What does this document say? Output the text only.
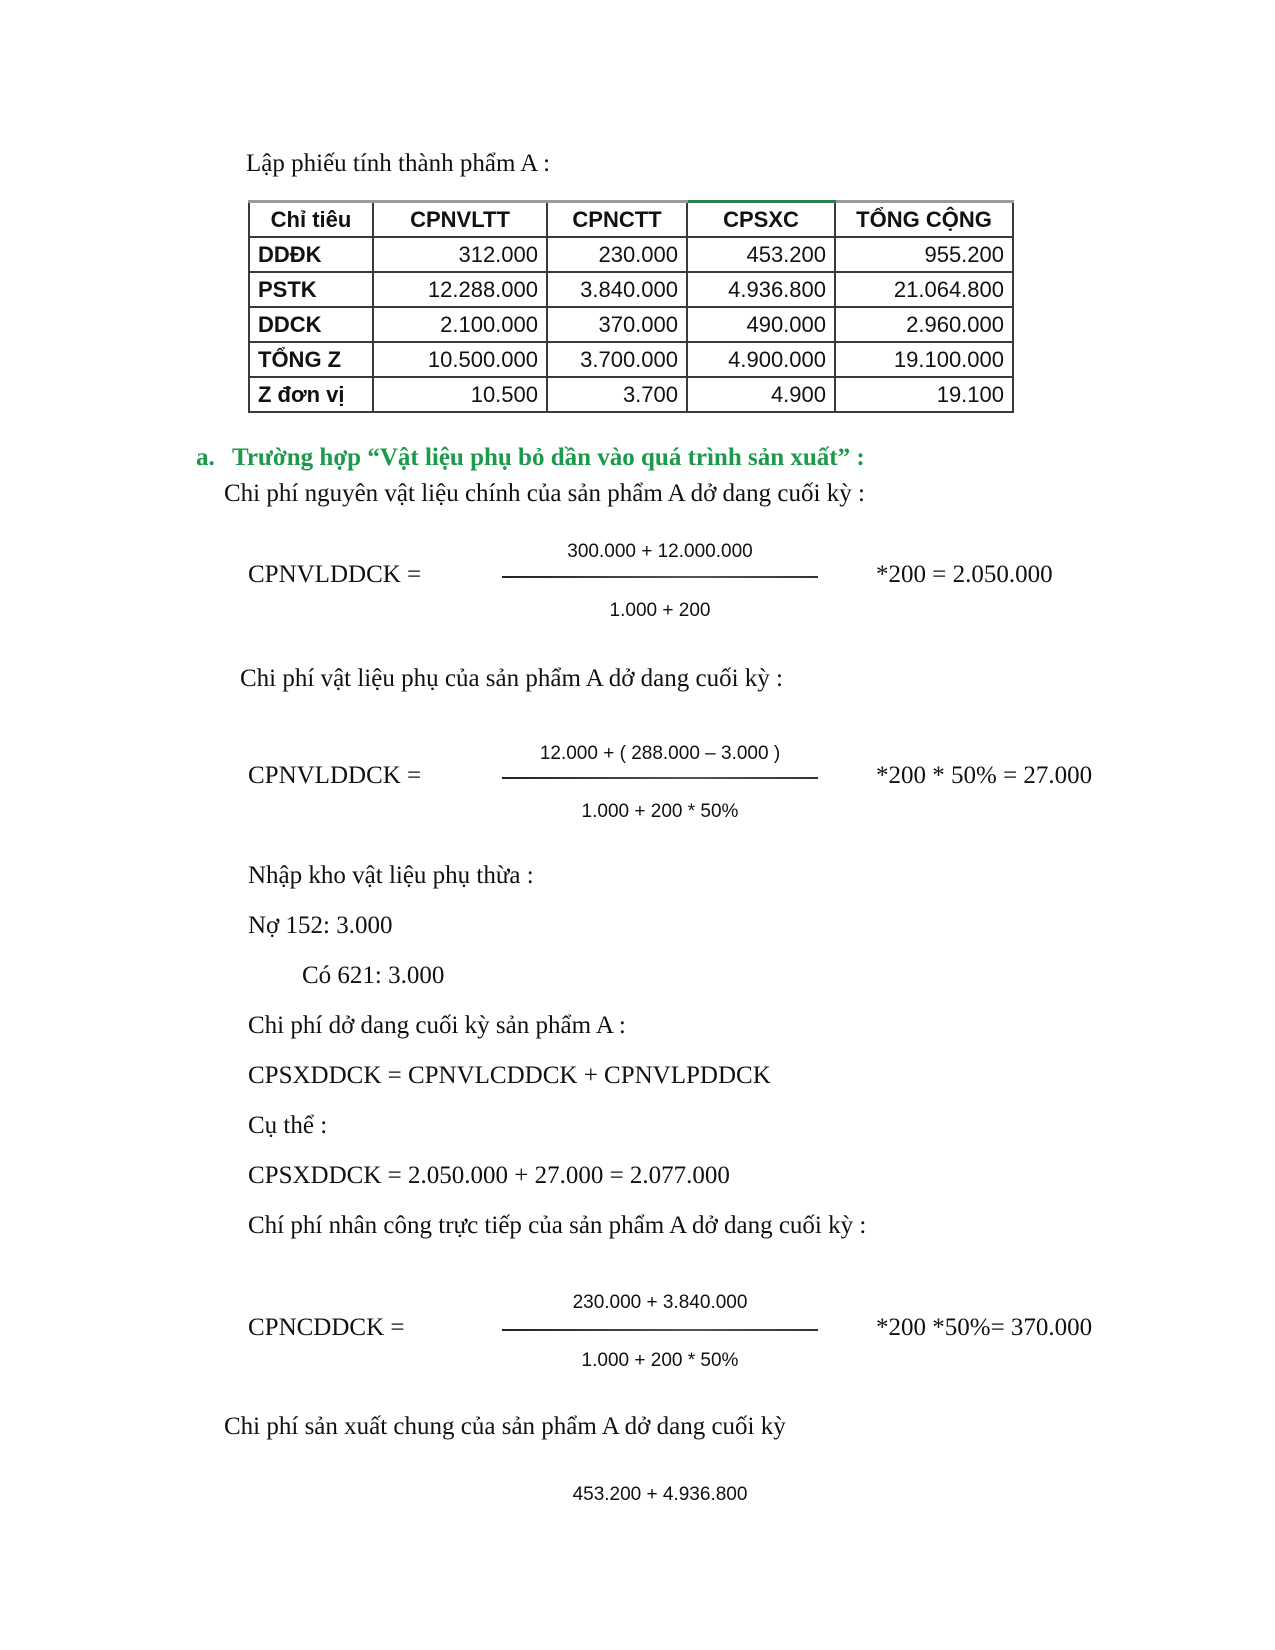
Lập phiếu tính thành phẩm A :
Chỉ tiêu	CPNVLTT	CPNCTT	CPSXC	TỔNG CỘNG
DDĐK	312.000	230.000	453.200	955.200
PSTK	12.288.000	3.840.000	4.936.800	21.064.800
DDCK	2.100.000	370.000	490.000	2.960.000
TỔNG Z	10.500.000	3.700.000	4.900.000	19.100.000
Z đơn vị	10.500	3.700	4.900	19.100
a. Trường hợp “Vật liệu phụ bỏ dần vào quá trình sản xuất” :
Chi phí nguyên vật liệu chính của sản phẩm A dở dang cuối kỳ :
300.000 + 12.000.000
CPNVLDDCK =	*200 = 2.050.000
1.000 + 200
Chi phí vật liệu phụ của sản phẩm A dở dang cuối kỳ :
12.000 + ( 288.000 – 3.000 )
CPNVLDDCK =	*200 * 50% = 27.000
1.000 + 200 * 50%
Nhập kho vật liệu phụ thừa :
Nợ 152: 3.000
Có 621: 3.000
Chi phí dở dang cuối kỳ sản phẩm A :
CPSXDDCK = CPNVLCDDCK + CPNVLPDDCK
Cụ thể :
CPSXDDCK = 2.050.000 + 27.000 = 2.077.000
Chí phí nhân công trực tiếp của sản phẩm A dở dang cuối kỳ :
230.000 + 3.840.000
CPNCDDCK =	*200 *50%= 370.000
1.000 + 200 * 50%
Chi phí sản xuất chung của sản phẩm A dở dang cuối kỳ
453.200 + 4.936.800
